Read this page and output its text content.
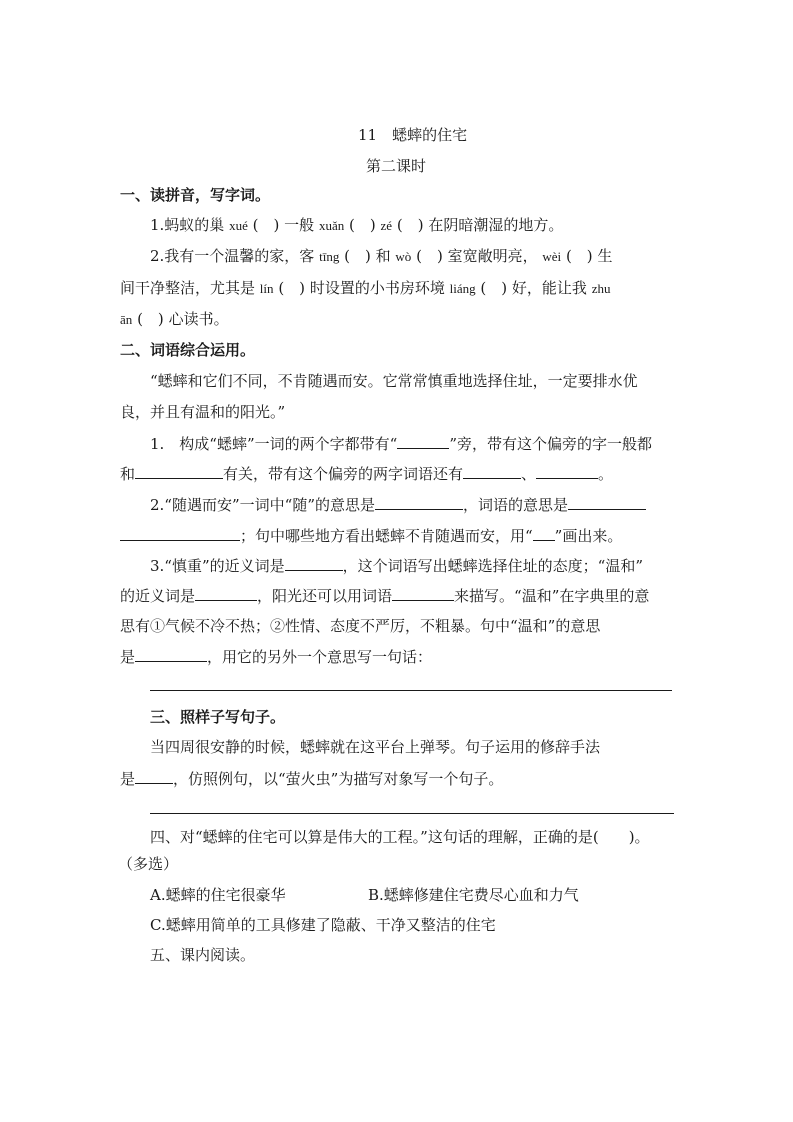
11　蟋蟀的住宅
第二课时
一、读拼音，写字词。
1.蚂蚁的巢 xué (　) 一般 xuǎn (　) zé (　) 在阴暗潮湿的地方。
2.我有一个温馨的家，客 tīng (　) 和 wò (　) 室宽敞明亮， wèi (　) 生
间干净整洁，尤其是 lín (　) 时设置的小书房环境 liáng (　) 好，能让我 zhu
ān (　) 心读书。
二、词语综合运用。
“蟋蟀和它们不同，不肯随遇而安。它常常慎重地选择住址，一定要排水优
良，并且有温和的阳光。”
1.　构成“蟋蟀”一词的两个字都带有“	”旁，带有这个偏旁的字一般都
和	有关，带有这个偏旁的两字词语还有	、	。
2.“随遇而安”一词中“随”的意思是	，词语的意思是
；句中哪些地方看出蟋蟀不肯随遇而安，用“ ”画出来。
3.“慎重”的近义词是	，这个词语写出蟋蟀选择住址的态度；“温和”
的近义词是	，阳光还可以用词语	来描写。“温和”在字典里的意
思有①气候不冷不热；②性情、态度不严厉，不粗暴。句中“温和”的意思
是	，用它的另外一个意思写一句话：
三、照样子写句子。
当四周很安静的时候，蟋蟀就在这平台上弹琴。句子运用的修辞手法
是	，仿照例句，以“萤火虫”为描写对象写一个句子。
四、对“蟋蟀的住宅可以算是伟大的工程。”这句话的理解，正确的是(　　)。
（多选）
A.蟋蟀的住宅很豪华	B.蟋蟀修建住宅费尽心血和力气
C.蟋蟀用简单的工具修建了隐蔽、干净又整洁的住宅
五、课内阅读。
